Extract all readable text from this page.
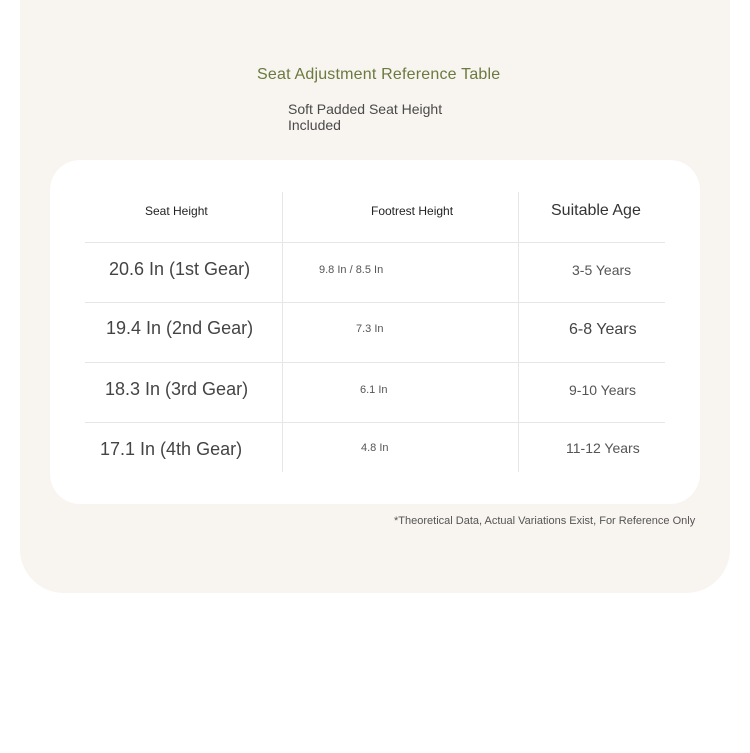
Seat Adjustment Reference Table
Soft Padded Seat Height Included
Seat Height	Footrest Height	Suitable Age
20.6 In (1st Gear)	9.8 In / 8.5 In	3-5 Years
19.4 In (2nd Gear)	7.3 In	6-8 Years
18.3 In (3rd Gear)	6.1 In	9-10 Years
17.1 In (4th Gear)	4.8 In	11-12 Years
*Theoretical Data, Actual Variations Exist, For Reference Only
